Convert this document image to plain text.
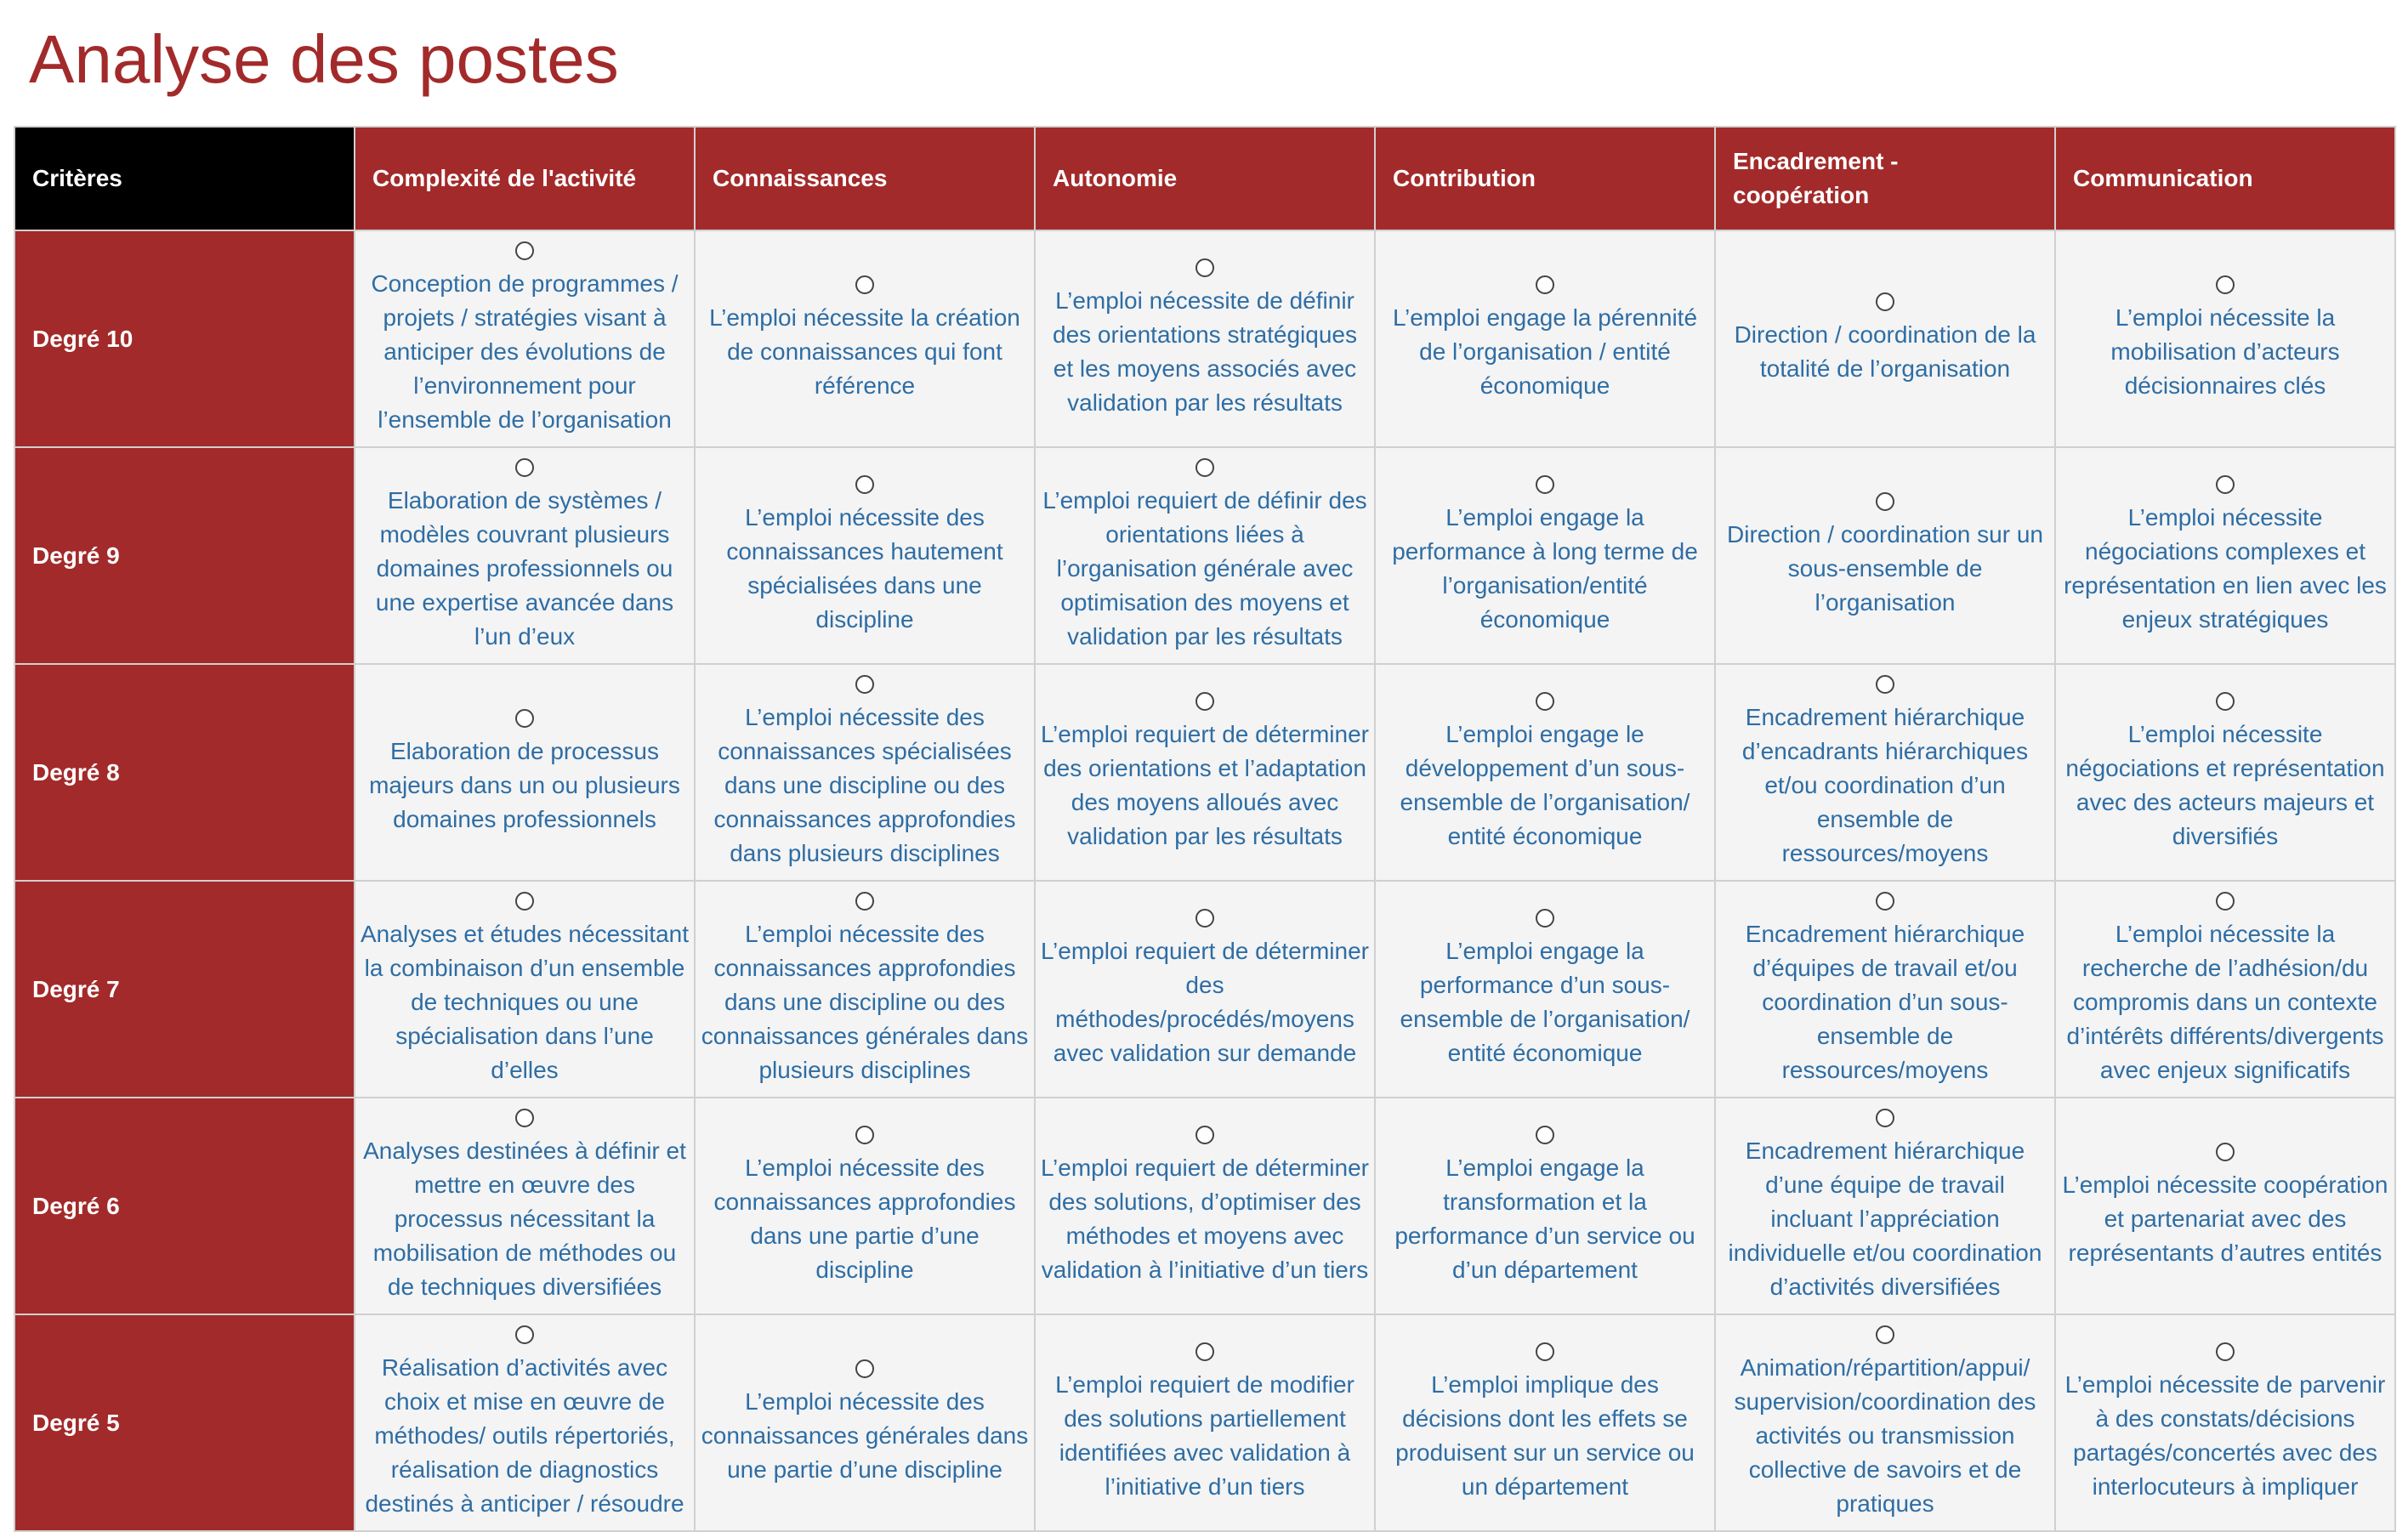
Analyse des postes
Critères	Complexité de l'activité	Connaissances	Autonomie	Contribution	Encadrement - coopération	Communication
Degré 10	Conception de programmes / projets / stratégies visant à anticiper des évolutions de l’environnement pour l’ensemble de l’organisation	L’emploi nécessite la création de connaissances qui font référence	L’emploi nécessite de définir des orientations stratégiques et les moyens associés avec validation par les résultats	L’emploi engage la pérennité de l’organisation / entité économique	Direction / coordination de la totalité de l’organisation	L’emploi nécessite la mobilisation d’acteurs décisionnaires clés

Degré 9	Elaboration de systèmes / modèles couvrant plusieurs domaines professionnels ou une expertise avancée dans l’un d’eux	L’emploi nécessite des connaissances hautement spécialisées dans une discipline	L’emploi requiert de définir des orientations liées à l’organisation générale avec optimisation des moyens et validation par les résultats	L’emploi engage la performance à long terme de l’organisation/entité économique	Direction / coordination sur un sous-ensemble de l’organisation	L’emploi nécessite négociations complexes et représentation en lien avec les enjeux stratégiques

Degré 8	Elaboration de processus majeurs dans un ou plusieurs domaines professionnels	L’emploi nécessite des connaissances spécialisées dans une discipline ou des connaissances approfondies dans plusieurs disciplines	L’emploi requiert de déterminer des orientations et l’adaptation des moyens alloués avec validation par les résultats	L’emploi engage le développement d’un sous-ensemble de l’organisation/ entité économique	Encadrement hiérarchique d’encadrants hiérarchiques et/ou coordination d’un ensemble de ressources/moyens	L’emploi nécessite négociations et représentation avec des acteurs majeurs et diversifiés

Degré 7	Analyses et études nécessitant la combinaison d’un ensemble de techniques ou une spécialisation dans l’une d’elles	L’emploi nécessite des connaissances approfondies dans une discipline ou des connaissances générales dans plusieurs disciplines	L’emploi requiert de déterminer des méthodes/procédés/moyens avec validation sur demande	L’emploi engage la performance d’un sous-ensemble de l’organisation/ entité économique	Encadrement hiérarchique d’équipes de travail et/ou coordination d’un sous-ensemble de ressources/moyens	L’emploi nécessite la recherche de l’adhésion/du compromis dans un contexte d’intérêts différents/divergents avec enjeux significatifs

Degré 6	Analyses destinées à définir et mettre en œuvre des processus nécessitant la mobilisation de méthodes ou de techniques diversifiées	L’emploi nécessite des connaissances approfondies dans une partie d’une discipline	L’emploi requiert de déterminer des solutions, d’optimiser des méthodes et moyens avec validation à l’initiative d’un tiers	L’emploi engage la transformation et la performance d’un service ou d’un département	Encadrement hiérarchique d’une équipe de travail incluant l’appréciation individuelle et/ou coordination d’activités diversifiées	L’emploi nécessite coopération et partenariat avec des représentants d’autres entités

Degré 5	Réalisation d’activités avec choix et mise en œuvre de méthodes/ outils répertoriés, réalisation de diagnostics destinés à anticiper / résoudre	L’emploi nécessite des connaissances générales dans une partie d’une discipline	L’emploi requiert de modifier des solutions partiellement identifiées avec validation à l’initiative d’un tiers	L’emploi implique des décisions dont les effets se produisent sur un service ou un département	Animation/répartition/appui/ supervision/coordination des activités ou transmission collective de savoirs et de pratiques	L’emploi nécessite de parvenir à des constats/décisions partagés/concertés avec des interlocuteurs à impliquer
